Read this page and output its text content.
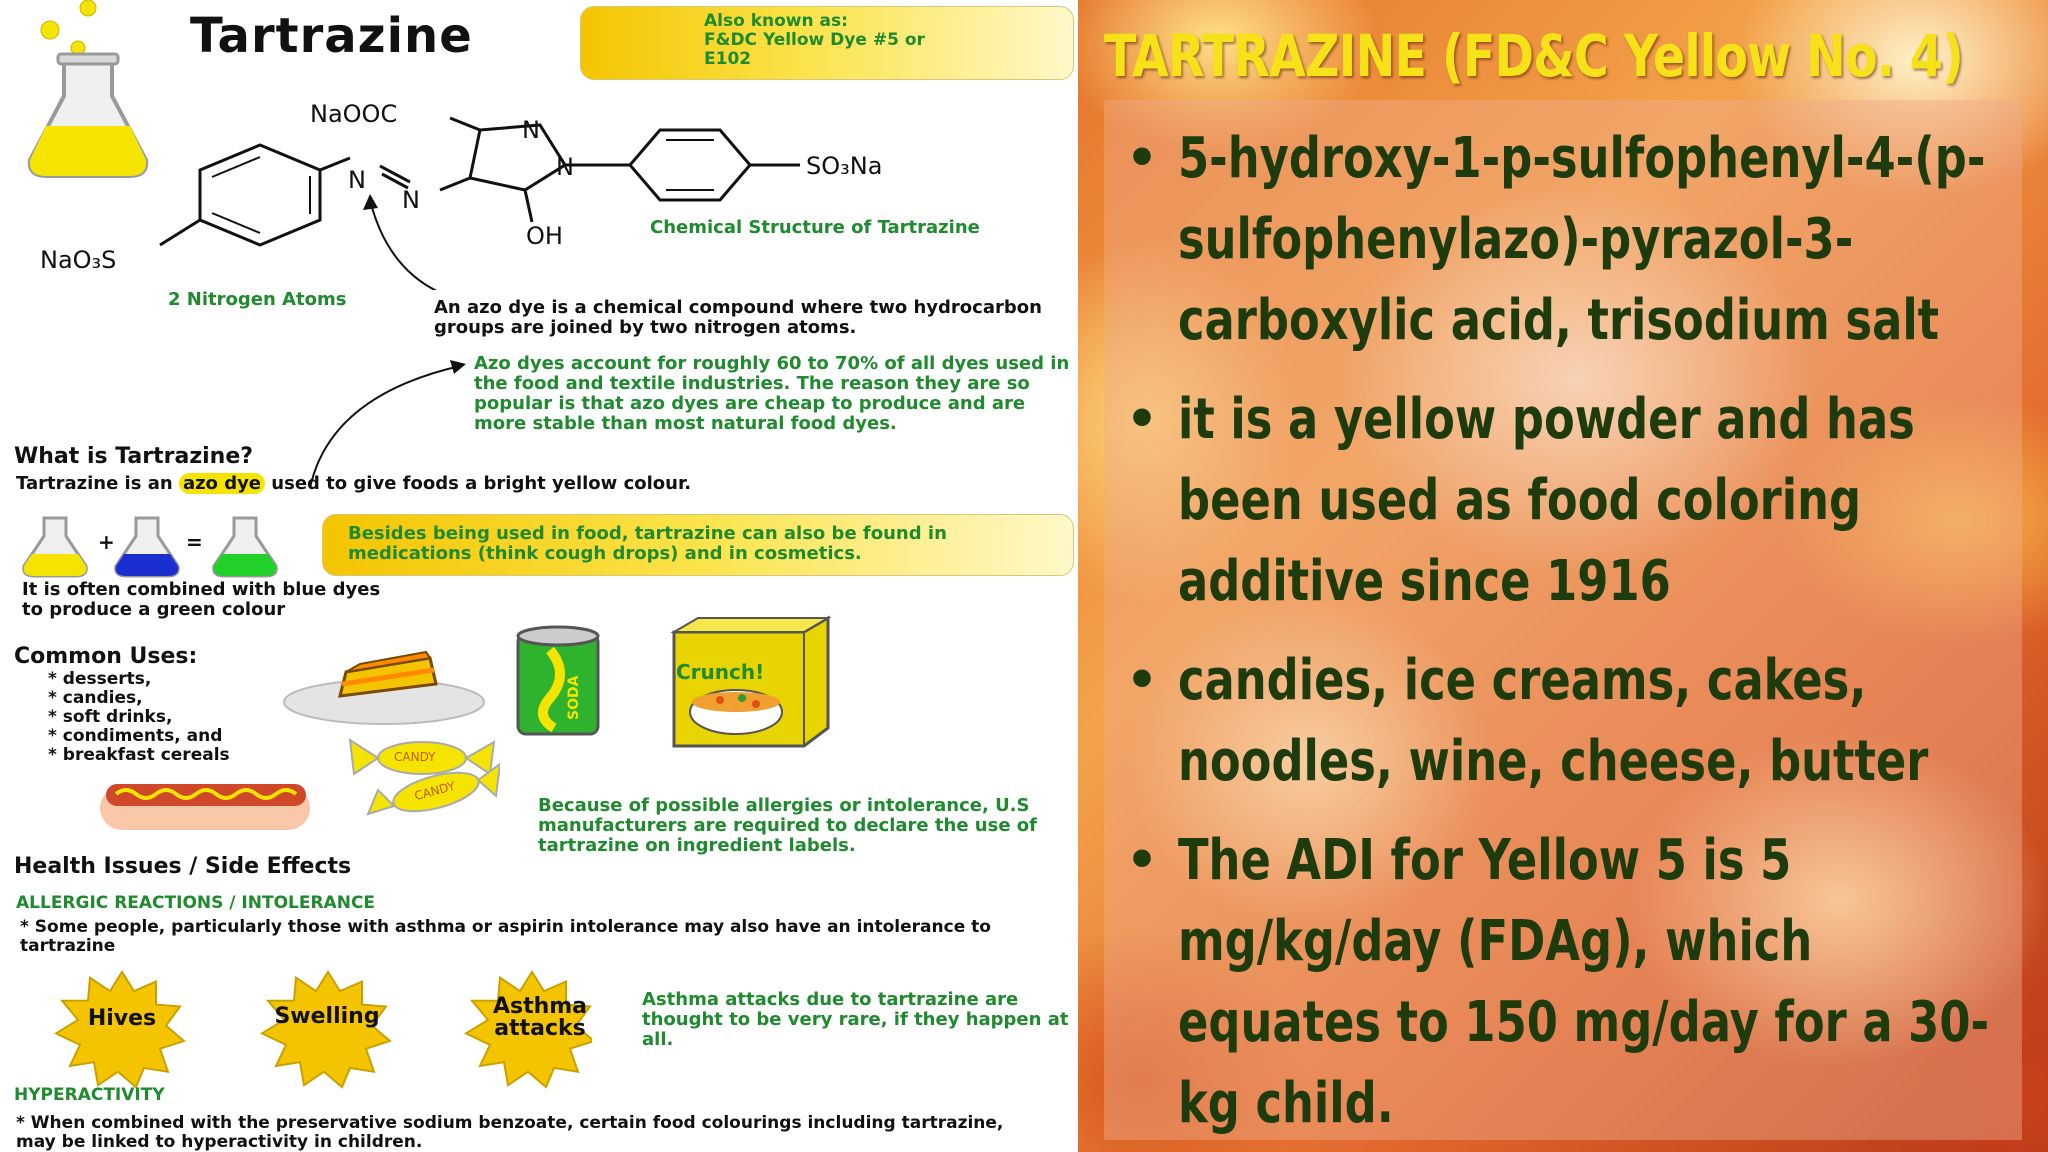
Tartrazine	Also known as:
F&DC Yellow Dye #5 or
E102
NaOOC
N
N
N
N
SO₃Na
NaO₃S
OH	Chemical Structure of Tartrazine
2 Nitrogen Atoms	An azo dye is a chemical compound where two hydrocarbon groups are joined by two nitrogen atoms.
Azo dyes account for roughly 60 to 70% of all dyes used in the food and textile industries. The reason they are so popular is that azo dyes are cheap to produce and are more stable than most natural food dyes.
What is Tartrazine?
Tartrazine is an azo dye used to give foods a bright yellow colour.
+	=	Besides being used in food, tartrazine can also be found in medications (think cough drops) and in cosmetics.
It is often combined with blue dyes to produce a green colour
Common Uses:
* desserts,
* candies,
* soft drinks,
* condiments, and
* breakfast cereals
SODA
Crunch!
CANDY
CANDY
Because of possible allergies or intolerance, U.S manufacturers are required to declare the use of tartrazine on ingredient labels.
Health Issues / Side Effects
ALLERGIC REACTIONS / INTOLERANCE
* Some people, particularly those with asthma or aspirin intolerance may also have an intolerance to tartrazine
Hives	Swelling	Asthma attacks
Asthma attacks due to tartrazine are thought to be very rare, if they happen at all.
HYPERACTIVITY
* When combined with the preservative sodium benzoate, certain food colourings including tartrazine, may be linked to hyperactivity in children.
TARTRAZINE (FD&C Yellow No. 4)
• 5-hydroxy-1-p-sulfophenyl-4-(p-sulfophenylazo)-pyrazol-3-carboxylic acid, trisodium salt
• it is a yellow powder and has been used as food coloring additive since 1916
• candies, ice creams, cakes, noodles, wine, cheese, butter
• The ADI for Yellow 5 is 5 mg/kg/day (FDAg), which equates to 150 mg/day for a 30-kg child.
